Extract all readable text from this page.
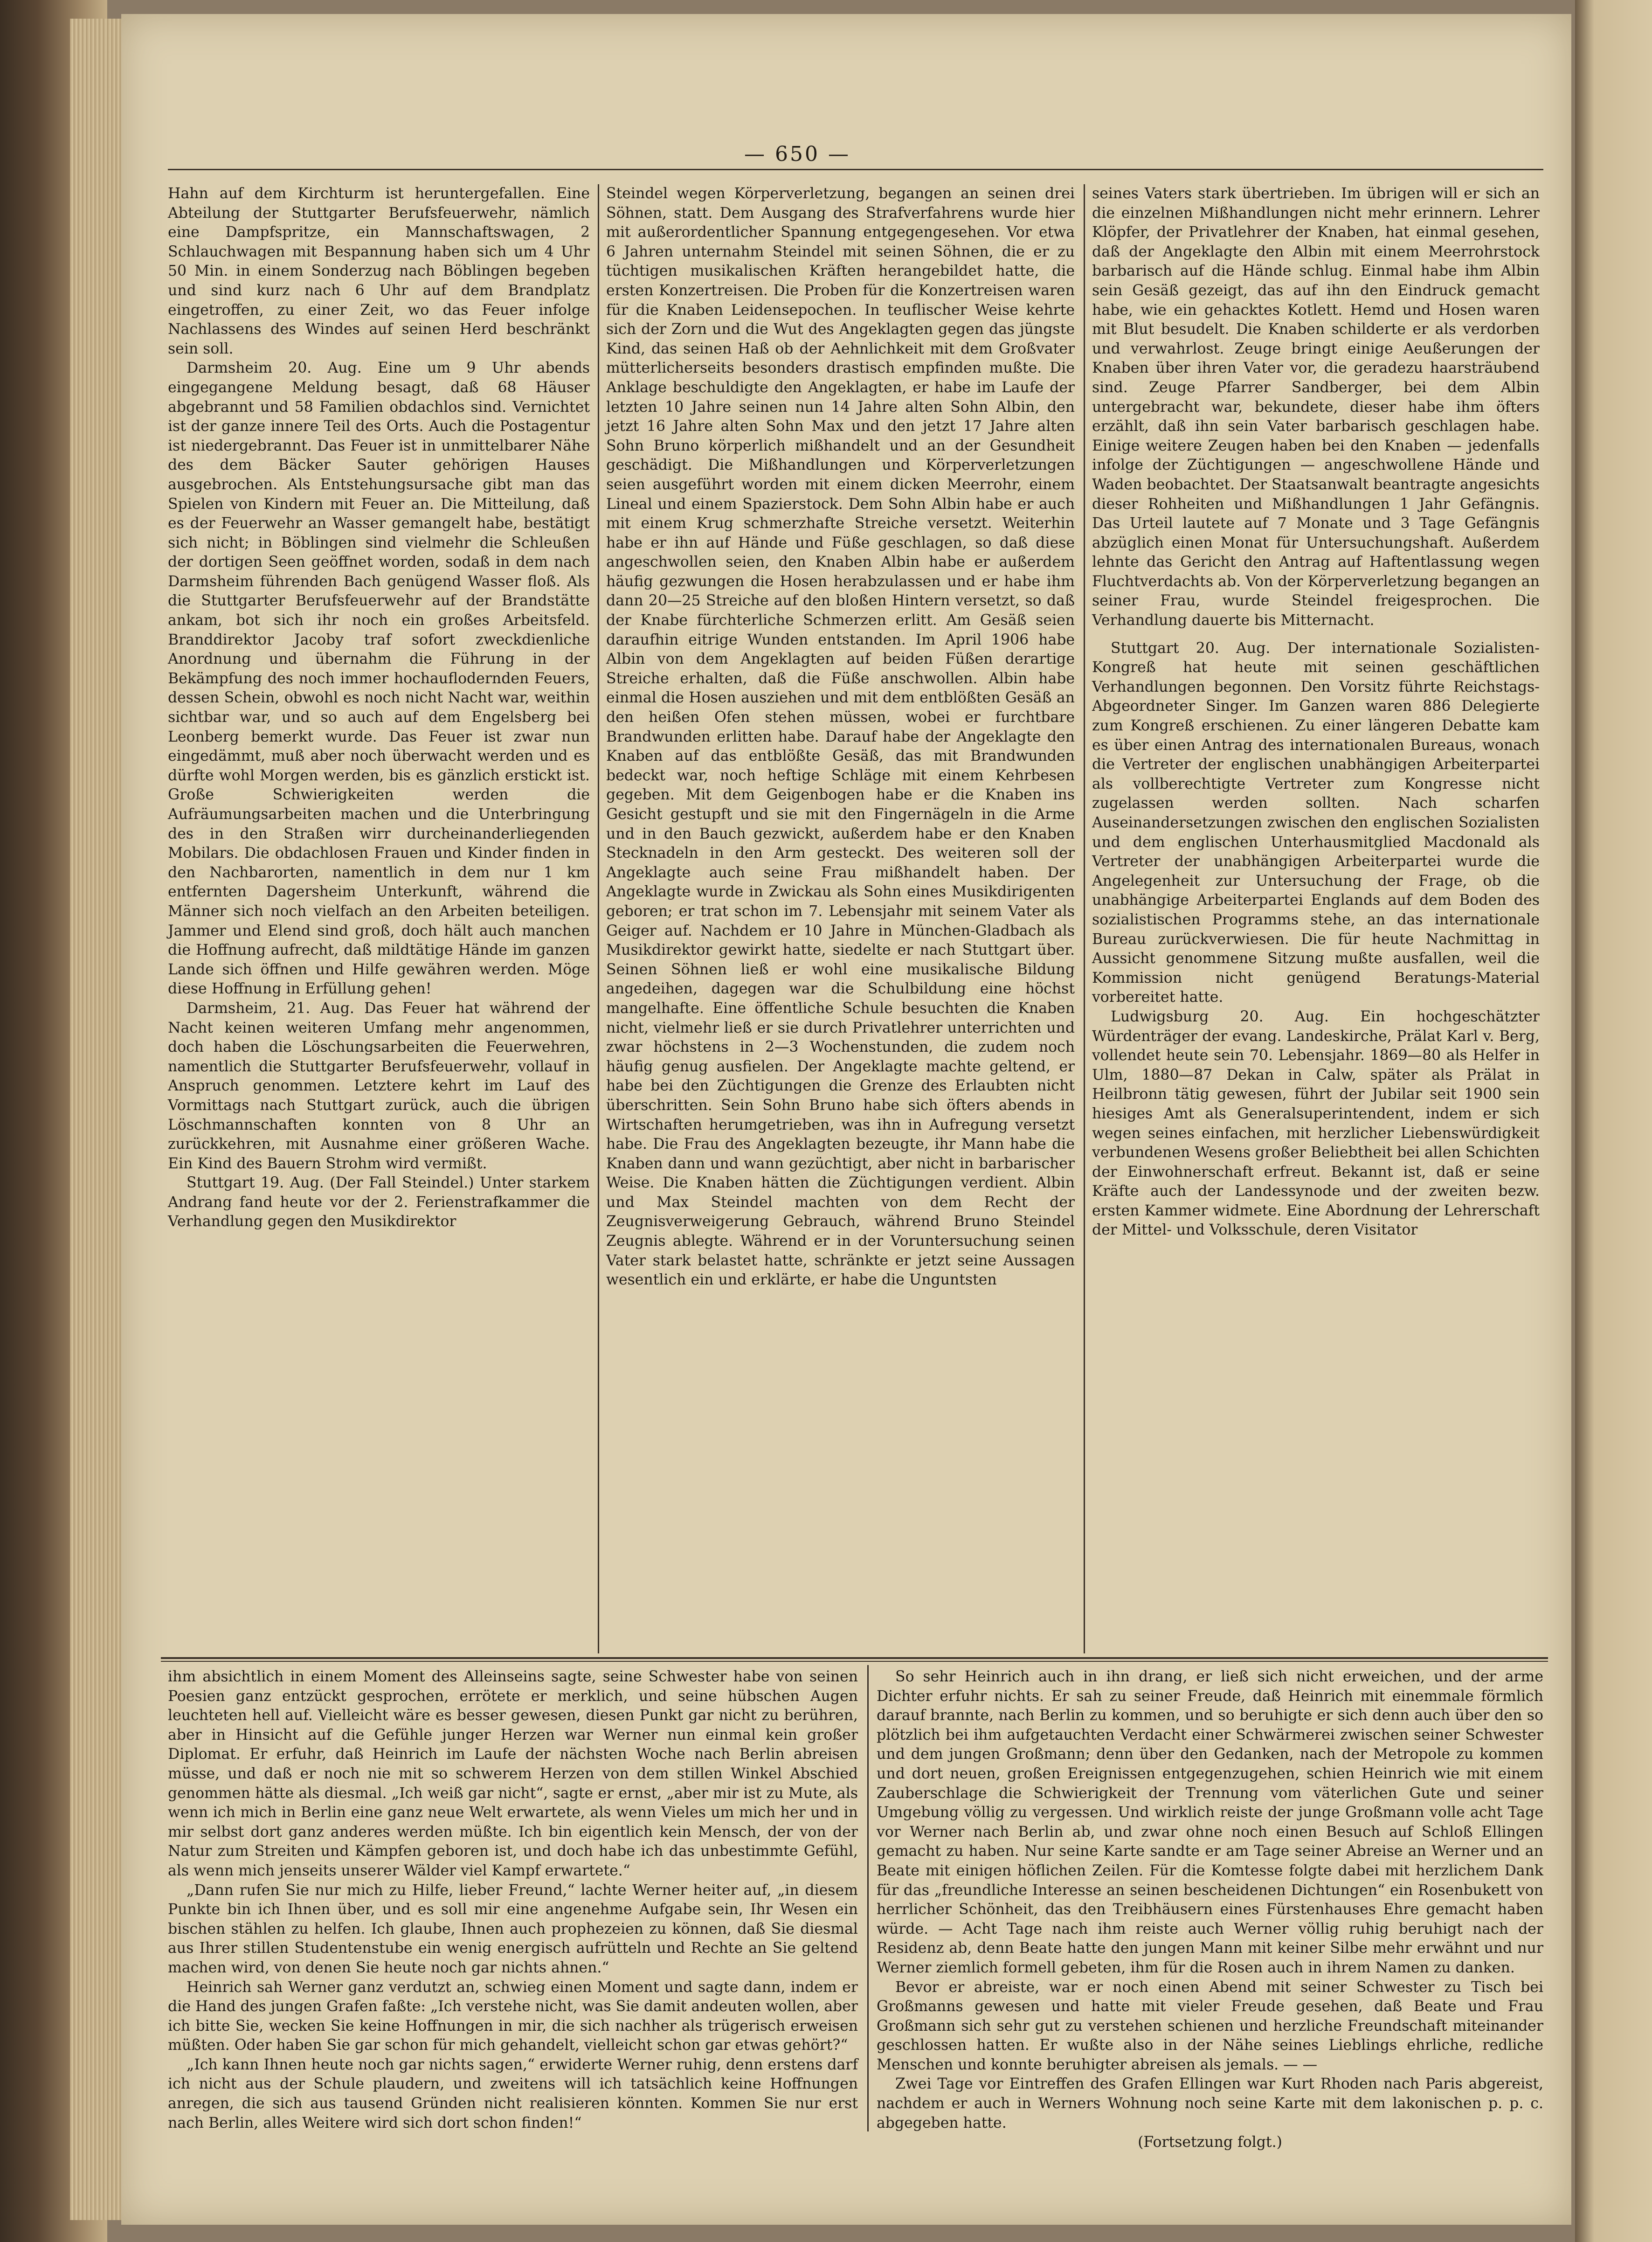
— 650 —

Hahn auf dem Kirchturm ist heruntergefallen. Eine Abteilung der Stuttgarter Berufsfeuerwehr, nämlich eine Dampfspritze, ein Mannschaftswagen, 2 Schlauchwagen mit Bespannung haben sich um 4 Uhr 50 Min. in einem Sonderzug nach Böblingen begeben und sind kurz nach 6 Uhr auf dem Brandplatz eingetroffen, zu einer Zeit, wo das Feuer infolge Nachlassens des Windes auf seinen Herd beschränkt sein soll.

Darmsheim 20. Aug. Eine um 9 Uhr abends eingegangene Meldung besagt, daß 68 Häuser abgebrannt und 58 Familien obdachlos sind. Vernichtet ist der ganze innere Teil des Orts. Auch die Postagentur ist niedergebrannt. Das Feuer ist in unmittelbarer Nähe des dem Bäcker Sauter gehörigen Hauses ausgebrochen. Als Entstehungsursache gibt man das Spielen von Kindern mit Feuer an. Die Mitteilung, daß es der Feuerwehr an Wasser gemangelt habe, bestätigt sich nicht; in Böblingen sind vielmehr die Schleußen der dortigen Seen geöffnet worden, sodaß in dem nach Darmsheim führenden Bach genügend Wasser floß. Als die Stuttgarter Berufsfeuerwehr auf der Brandstätte ankam, bot sich ihr noch ein großes Arbeitsfeld. Branddirektor Jacoby traf sofort zweckdienliche Anordnung und übernahm die Führung in der Bekämpfung des noch immer hochauflodernden Feuers, dessen Schein, obwohl es noch nicht Nacht war, weithin sichtbar war, und so auch auf dem Engelsberg bei Leonberg bemerkt wurde. Das Feuer ist zwar nun eingedämmt, muß aber noch überwacht werden und es dürfte wohl Morgen werden, bis es gänzlich erstickt ist. Große Schwierigkeiten werden die Aufräumungsarbeiten machen und die Unterbringung des in den Straßen wirr durcheinanderliegenden Mobilars. Die obdachlosen Frauen und Kinder finden in den Nachbarorten, namentlich in dem nur 1 km entfernten Dagersheim Unterkunft, während die Männer sich noch vielfach an den Arbeiten beteiligen. Jammer und Elend sind groß, doch hält auch manchen die Hoffnung aufrecht, daß mildtätige Hände im ganzen Lande sich öffnen und Hilfe gewähren werden. Möge diese Hoffnung in Erfüllung gehen!

Darmsheim, 21. Aug. Das Feuer hat während der Nacht keinen weiteren Umfang mehr angenommen, doch haben die Löschungsarbeiten die Feuerwehren, namentlich die Stuttgarter Berufsfeuerwehr, vollauf in Anspruch genommen. Letztere kehrt im Lauf des Vormittags nach Stuttgart zurück, auch die übrigen Löschmannschaften konnten von 8 Uhr an zurückkehren, mit Ausnahme einer größeren Wache. Ein Kind des Bauern Strohm wird vermißt.

Stuttgart 19. Aug. (Der Fall Steindel.) Unter starkem Andrang fand heute vor der 2. Ferienstrafkammer die Verhandlung gegen den Musikdirektor

Steindel wegen Körperverletzung, begangen an seinen drei Söhnen, statt. Dem Ausgang des Strafverfahrens wurde hier mit außerordentlicher Spannung entgegengesehen. Vor etwa 6 Jahren unternahm Steindel mit seinen Söhnen, die er zu tüchtigen musikalischen Kräften herangebildet hatte, die ersten Konzertreisen. Die Proben für die Konzertreisen waren für die Knaben Leidensepochen. In teuflischer Weise kehrte sich der Zorn und die Wut des Angeklagten gegen das jüngste Kind, das seinen Haß ob der Aehnlichkeit mit dem Großvater mütterlicherseits besonders drastisch empfinden mußte. Die Anklage beschuldigte den Angeklagten, er habe im Laufe der letzten 10 Jahre seinen nun 14 Jahre alten Sohn Albin, den jetzt 16 Jahre alten Sohn Max und den jetzt 17 Jahre alten Sohn Bruno körperlich mißhandelt und an der Gesundheit geschädigt. Die Mißhandlungen und Körperverletzungen seien ausgeführt worden mit einem dicken Meerrohr, einem Lineal und einem Spazierstock. Dem Sohn Albin habe er auch mit einem Krug schmerzhafte Streiche versetzt. Weiterhin habe er ihn auf Hände und Füße geschlagen, so daß diese angeschwollen seien, den Knaben Albin habe er außerdem häufig gezwungen die Hosen herabzulassen und er habe ihm dann 20—25 Streiche auf den bloßen Hintern versetzt, so daß der Knabe fürchterliche Schmerzen erlitt. Am Gesäß seien daraufhin eitrige Wunden entstanden. Im April 1906 habe Albin von dem Angeklagten auf beiden Füßen derartige Streiche erhalten, daß die Füße anschwollen. Albin habe einmal die Hosen ausziehen und mit dem entblößten Gesäß an den heißen Ofen stehen müssen, wobei er furchtbare Brandwunden erlitten habe. Darauf habe der Angeklagte den Knaben auf das entblößte Gesäß, das mit Brandwunden bedeckt war, noch heftige Schläge mit einem Kehrbesen gegeben. Mit dem Geigenbogen habe er die Knaben ins Gesicht gestupft und sie mit den Fingernägeln in die Arme und in den Bauch gezwickt, außerdem habe er den Knaben Stecknadeln in den Arm gesteckt. Des weiteren soll der Angeklagte auch seine Frau mißhandelt haben. Der Angeklagte wurde in Zwickau als Sohn eines Musikdirigenten geboren; er trat schon im 7. Lebensjahr mit seinem Vater als Geiger auf. Nachdem er 10 Jahre in München-Gladbach als Musikdirektor gewirkt hatte, siedelte er nach Stuttgart über. Seinen Söhnen ließ er wohl eine musikalische Bildung angedeihen, dagegen war die Schulbildung eine höchst mangelhafte. Eine öffentliche Schule besuchten die Knaben nicht, vielmehr ließ er sie durch Privatlehrer unterrichten und zwar höchstens in 2—3 Wochenstunden, die zudem noch häufig genug ausfielen. Der Angeklagte machte geltend, er habe bei den Züchtigungen die Grenze des Erlaubten nicht überschritten. Sein Sohn Bruno habe sich öfters abends in Wirtschaften herumgetrieben, was ihn in Aufregung versetzt habe. Die Frau des Angeklagten bezeugte, ihr Mann habe die Knaben dann und wann gezüchtigt, aber nicht in barbarischer Weise. Die Knaben hätten die Züchtigungen verdient. Albin und Max Steindel machten von dem Recht der Zeugnisverweigerung Gebrauch, während Bruno Steindel Zeugnis ablegte. Während er in der Voruntersuchung seinen Vater stark belastet hatte, schränkte er jetzt seine Aussagen wesentlich ein und erklärte, er habe die Unguntsten

seines Vaters stark übertrieben. Im übrigen will er sich an die einzelnen Mißhandlungen nicht mehr erinnern. Lehrer Klöpfer, der Privatlehrer der Knaben, hat einmal gesehen, daß der Angeklagte den Albin mit einem Meerrohrstock barbarisch auf die Hände schlug. Einmal habe ihm Albin sein Gesäß gezeigt, das auf ihn den Eindruck gemacht habe, wie ein gehacktes Kotlett. Hemd und Hosen waren mit Blut besudelt. Die Knaben schilderte er als verdorben und verwahrlost. Zeuge bringt einige Aeußerungen der Knaben über ihren Vater vor, die geradezu haarsträubend sind. Zeuge Pfarrer Sandberger, bei dem Albin untergebracht war, bekundete, dieser habe ihm öfters erzählt, daß ihn sein Vater barbarisch geschlagen habe. Einige weitere Zeugen haben bei den Knaben — jedenfalls infolge der Züchtigungen — angeschwollene Hände und Waden beobachtet. Der Staatsanwalt beantragte angesichts dieser Rohheiten und Mißhandlungen 1 Jahr Gefängnis. Das Urteil lautete auf 7 Monate und 3 Tage Gefängnis abzüglich einen Monat für Untersuchungshaft. Außerdem lehnte das Gericht den Antrag auf Haftentlassung wegen Fluchtverdachts ab. Von der Körperverletzung begangen an seiner Frau, wurde Steindel freigesprochen. Die Verhandlung dauerte bis Mitternacht.

Stuttgart 20. Aug. Der internationale Sozialisten-Kongreß hat heute mit seinen geschäftlichen Verhandlungen begonnen. Den Vorsitz führte Reichstags-Abgeordneter Singer. Im Ganzen waren 886 Delegierte zum Kongreß erschienen. Zu einer längeren Debatte kam es über einen Antrag des internationalen Bureaus, wonach die Vertreter der englischen unabhängigen Arbeiterpartei als vollberechtigte Vertreter zum Kongresse nicht zugelassen werden sollten. Nach scharfen Auseinandersetzungen zwischen den englischen Sozialisten und dem englischen Unterhausmitglied Macdonald als Vertreter der unabhängigen Arbeiterpartei wurde die Angelegenheit zur Untersuchung der Frage, ob die unabhängige Arbeiterpartei Englands auf dem Boden des sozialistischen Programms stehe, an das internationale Bureau zurückverwiesen. Die für heute Nachmittag in Aussicht genommene Sitzung mußte ausfallen, weil die Kommission nicht genügend Beratungs-Material vorbereitet hatte.

Ludwigsburg 20. Aug. Ein hochgeschätzter Würdenträger der evang. Landeskirche, Prälat Karl v. Berg, vollendet heute sein 70. Lebensjahr. 1869—80 als Helfer in Ulm, 1880—87 Dekan in Calw, später als Prälat in Heilbronn tätig gewesen, führt der Jubilar seit 1900 sein hiesiges Amt als Generalsuperintendent, indem er sich wegen seines einfachen, mit herzlicher Liebenswürdigkeit verbundenen Wesens großer Beliebtheit bei allen Schichten der Einwohnerschaft erfreut. Bekannt ist, daß er seine Kräfte auch der Landessynode und der zweiten bezw. ersten Kammer widmete. Eine Abordnung der Lehrerschaft der Mittel- und Volksschule, deren Visitator

ihm absichtlich in einem Moment des Alleinseins sagte, seine Schwester habe von seinen Poesien ganz entzückt gesprochen, errötete er merklich, und seine hübschen Augen leuchteten hell auf. Vielleicht wäre es besser gewesen, diesen Punkt gar nicht zu berühren, aber in Hinsicht auf die Gefühle junger Herzen war Werner nun einmal kein großer Diplomat. Er erfuhr, daß Heinrich im Laufe der nächsten Woche nach Berlin abreisen müsse, und daß er noch nie mit so schwerem Herzen von dem stillen Winkel Abschied genommen hätte als diesmal. „Ich weiß gar nicht“, sagte er ernst, „aber mir ist zu Mute, als wenn ich mich in Berlin eine ganz neue Welt erwartete, als wenn Vieles um mich her und in mir selbst dort ganz anderes werden müßte. Ich bin eigentlich kein Mensch, der von der Natur zum Streiten und Kämpfen geboren ist, und doch habe ich das unbestimmte Gefühl, als wenn mich jenseits unserer Wälder viel Kampf erwartete.“

„Dann rufen Sie nur mich zu Hilfe, lieber Freund,“ lachte Werner heiter auf, „in diesem Punkte bin ich Ihnen über, und es soll mir eine angenehme Aufgabe sein, Ihr Wesen ein bischen stählen zu helfen. Ich glaube, Ihnen auch prophezeien zu können, daß Sie diesmal aus Ihrer stillen Studentenstube ein wenig energisch aufrütteln und Rechte an Sie geltend machen wird, von denen Sie heute noch gar nichts ahnen.“

Heinrich sah Werner ganz verdutzt an, schwieg einen Moment und sagte dann, indem er die Hand des jungen Grafen faßte: „Ich verstehe nicht, was Sie damit andeuten wollen, aber ich bitte Sie, wecken Sie keine Hoffnungen in mir, die sich nachher als trügerisch erweisen müßten. Oder haben Sie gar schon für mich gehandelt, vielleicht schon gar etwas gehört?“

„Ich kann Ihnen heute noch gar nichts sagen,“ erwiderte Werner ruhig, denn erstens darf ich nicht aus der Schule plaudern, und zweitens will ich tatsächlich keine Hoffnungen anregen, die sich aus tausend Gründen nicht realisieren könnten. Kommen Sie nur erst nach Berlin, alles Weitere wird sich dort schon finden!“

So sehr Heinrich auch in ihn drang, er ließ sich nicht erweichen, und der arme Dichter erfuhr nichts. Er sah zu seiner Freude, daß Heinrich mit einemmale förmlich darauf brannte, nach Berlin zu kommen, und so beruhigte er sich denn auch über den so plötzlich bei ihm aufgetauchten Verdacht einer Schwärmerei zwischen seiner Schwester und dem jungen Großmann; denn über den Gedanken, nach der Metropole zu kommen und dort neuen, großen Ereignissen entgegenzugehen, schien Heinrich wie mit einem Zauberschlage die Schwierigkeit der Trennung vom väterlichen Gute und seiner Umgebung völlig zu vergessen. Und wirklich reiste der junge Großmann volle acht Tage vor Werner nach Berlin ab, und zwar ohne noch einen Besuch auf Schloß Ellingen gemacht zu haben. Nur seine Karte sandte er am Tage seiner Abreise an Werner und an Beate mit einigen höflichen Zeilen. Für die Komtesse folgte dabei mit herzlichem Dank für das „freundliche Interesse an seinen bescheidenen Dichtungen“ ein Rosenbukett von herrlicher Schönheit, das den Treibhäusern eines Fürstenhauses Ehre gemacht haben würde. — Acht Tage nach ihm reiste auch Werner völlig ruhig beruhigt nach der Residenz ab, denn Beate hatte den jungen Mann mit keiner Silbe mehr erwähnt und nur Werner ziemlich formell gebeten, ihm für die Rosen auch in ihrem Namen zu danken.

Bevor er abreiste, war er noch einen Abend mit seiner Schwester zu Tisch bei Großmanns gewesen und hatte mit vieler Freude gesehen, daß Beate und Frau Großmann sich sehr gut zu verstehen schienen und herzliche Freundschaft miteinander geschlossen hatten. Er wußte also in der Nähe seines Lieblings ehrliche, redliche Menschen und konnte beruhigter abreisen als jemals. — —

Zwei Tage vor Eintreffen des Grafen Ellingen war Kurt Rhoden nach Paris abgereist, nachdem er auch in Werners Wohnung noch seine Karte mit dem lakonischen p. p. c. abgegeben hatte.

(Fortsetzung folgt.)
